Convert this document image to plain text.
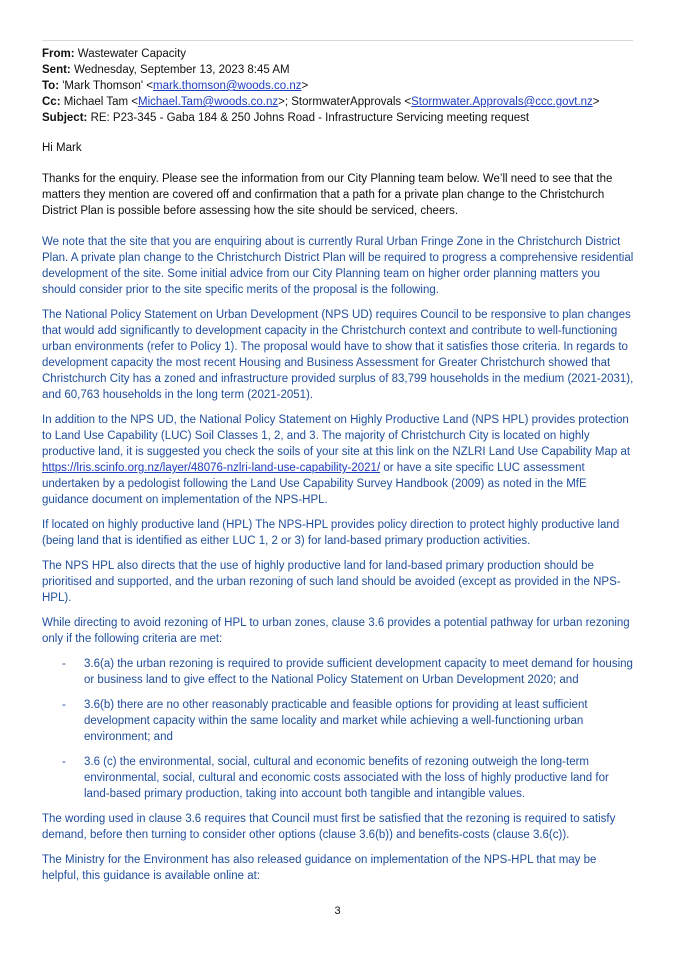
From: Wastewater Capacity
Sent: Wednesday, September 13, 2023 8:45 AM
To: 'Mark Thomson' <mark.thomson@woods.co.nz>
Cc: Michael Tam <Michael.Tam@woods.co.nz>; StormwaterApprovals <Stormwater.Approvals@ccc.govt.nz>
Subject: RE: P23-345 - Gaba 184 & 250 Johns Road - Infrastructure Servicing meeting request

Hi Mark

Thanks for the enquiry. Please see the information from our City Planning team below. We’ll need to see that the matters they mention are covered off and confirmation that a path for a private plan change to the Christchurch District Plan is possible before assessing how the site should be serviced, cheers.

We note that the site that you are enquiring about is currently Rural Urban Fringe Zone in the Christchurch District Plan. A private plan change to the Christchurch District Plan will be required to progress a comprehensive residential development of the site. Some initial advice from our City Planning team on higher order planning matters you should consider prior to the site specific merits of the proposal is the following.

The National Policy Statement on Urban Development (NPS UD) requires Council to be responsive to plan changes that would add significantly to development capacity in the Christchurch context and contribute to well-functioning urban environments (refer to Policy 1). The proposal would have to show that it satisfies those criteria. In regards to development capacity the most recent Housing and Business Assessment for Greater Christchurch showed that Christchurch City has a zoned and infrastructure provided surplus of 83,799 households in the medium (2021-2031), and 60,763 households in the long term (2021-2051).

In addition to the NPS UD, the National Policy Statement on Highly Productive Land (NPS HPL) provides protection to Land Use Capability (LUC) Soil Classes 1, 2, and 3. The majority of Christchurch City is located on highly productive land, it is suggested you check the soils of your site at this link on the NZLRI Land Use Capability Map at https://lris.scinfo.org.nz/layer/48076-nzlri-land-use-capability-2021/ or have a site specific LUC assessment undertaken by a pedologist following the Land Use Capability Survey Handbook (2009) as noted in the MfE guidance document on implementation of the NPS-HPL.

If located on highly productive land (HPL) The NPS-HPL provides policy direction to protect highly productive land (being land that is identified as either LUC 1, 2 or 3) for land-based primary production activities.

The NPS HPL also directs that the use of highly productive land for land-based primary production should be prioritised and supported, and the urban rezoning of such land should be avoided (except as provided in the NPS-HPL).

While directing to avoid rezoning of HPL to urban zones, clause 3.6 provides a potential pathway for urban rezoning only if the following criteria are met:

- 3.6(a) the urban rezoning is required to provide sufficient development capacity to meet demand for housing or business land to give effect to the National Policy Statement on Urban Development 2020; and
- 3.6(b) there are no other reasonably practicable and feasible options for providing at least sufficient development capacity within the same locality and market while achieving a well-functioning urban environment; and
- 3.6 (c) the environmental, social, cultural and economic benefits of rezoning outweigh the long-term environmental, social, cultural and economic costs associated with the loss of highly productive land for land-based primary production, taking into account both tangible and intangible values.

The wording used in clause 3.6 requires that Council must first be satisfied that the rezoning is required to satisfy demand, before then turning to consider other options (clause 3.6(b)) and benefits-costs (clause 3.6(c)).

The Ministry for the Environment has also released guidance on implementation of the NPS-HPL that may be helpful, this guidance is available online at:

3
